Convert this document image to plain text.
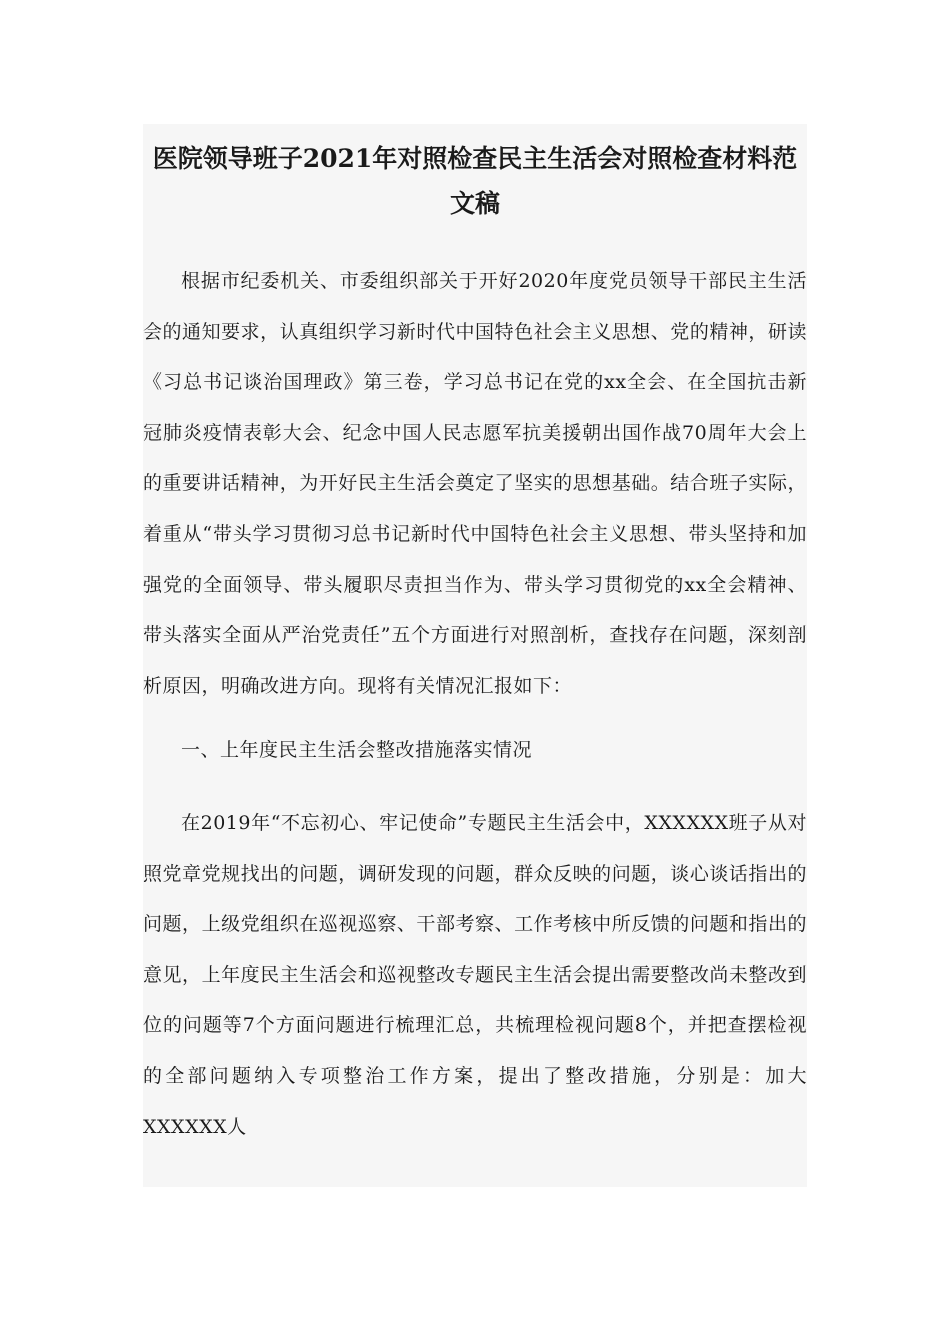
医院领导班子2021年对照检查民主生活会对照检查材料范文稿

根据市纪委机关、市委组织部关于开好2020年度党员领导干部民主生活会的通知要求，认真组织学习新时代中国特色社会主义思想、党的精神，研读《习总书记谈治国理政》第三卷，学习总书记在党的xx全会、在全国抗击新冠肺炎疫情表彰大会、纪念中国人民志愿军抗美援朝出国作战70周年大会上的重要讲话精神，为开好民主生活会奠定了坚实的思想基础。结合班子实际，着重从“带头学习贯彻习总书记新时代中国特色社会主义思想、带头坚持和加强党的全面领导、带头履职尽责担当作为、带头学习贯彻党的xx全会精神、带头落实全面从严治党责任”五个方面进行对照剖析，查找存在问题，深刻剖析原因，明确改进方向。现将有关情况汇报如下：

一、上年度民主生活会整改措施落实情况

在2019年“不忘初心、牢记使命”专题民主生活会中，XXXXXX班子从对照党章党规找出的问题，调研发现的问题，群众反映的问题，谈心谈话指出的问题，上级党组织在巡视巡察、干部考察、工作考核中所反馈的问题和指出的意见，上年度民主生活会和巡视整改专题民主生活会提出需要整改尚未整改到位的问题等7个方面问题进行梳理汇总，共梳理检视问题8个，并把查摆检视的全部问题纳入专项整治工作方案，提出了整改措施，分别是：加大XXXXXX人
